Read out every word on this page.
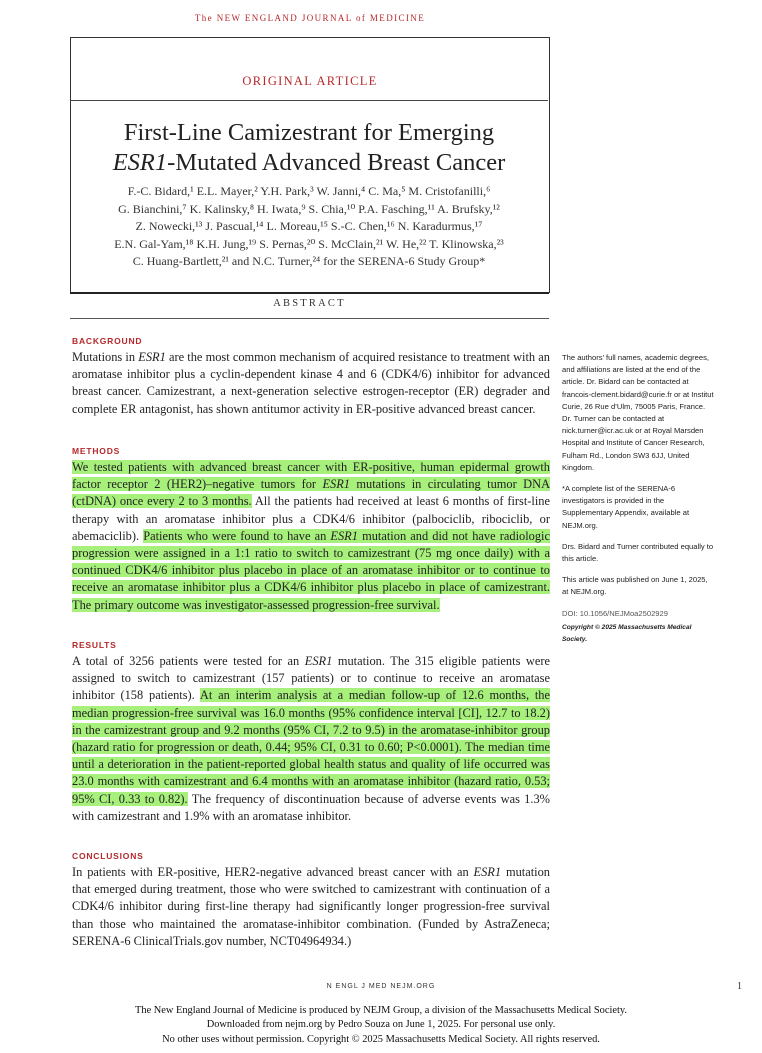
The NEW ENGLAND JOURNAL of MEDICINE
ORIGINAL ARTICLE
First-Line Camizestrant for Emerging
ESR1-Mutated Advanced Breast Cancer
F.-C. Bidard,¹ E.L. Mayer,² Y.H. Park,³ W. Janni,⁴ C. Ma,⁵ M. Cristofanilli,⁶
G. Bianchini,⁷ K. Kalinsky,⁸ H. Iwata,⁹ S. Chia,¹⁰ P.A. Fasching,¹¹ A. Brufsky,¹²
Z. Nowecki,¹³ J. Pascual,¹⁴ L. Moreau,¹⁵ S.-C. Chen,¹⁶ N. Karadurmus,¹⁷
E.N. Gal-Yam,¹⁸ K.H. Jung,¹⁹ S. Pernas,²⁰ S. McClain,²¹ W. He,²² T. Klinowska,²³
C. Huang-Bartlett,²¹ and N.C. Turner,²⁴ for the SERENA-6 Study Group*
ABSTRACT
BACKGROUND

Mutations in ESR1 are the most common mechanism of acquired resistance to treatment with an aromatase inhibitor plus a cyclin-dependent kinase 4 and 6 (CDK4/6) inhibitor for advanced breast cancer. Camizestrant, a next-generation selective estrogen-receptor (ER) degrader and complete ER antagonist, has shown antitumor activity in ER-positive advanced breast cancer.

METHODS

We tested patients with advanced breast cancer with ER-positive, human epidermal growth factor receptor 2 (HER2)–negative tumors for ESR1 mutations in circulating tumor DNA (ctDNA) once every 2 to 3 months. All the patients had received at least 6 months of first-line therapy with an aromatase inhibitor plus a CDK4/6 inhibitor (palbociclib, ribociclib, or abemaciclib). Patients who were found to have an ESR1 mutation and did not have radiologic progression were assigned in a 1:1 ratio to switch to camizestrant (75 mg once daily) with a continued CDK4/6 inhibitor plus placebo in place of an aromatase inhibitor or to continue to receive an aromatase inhibitor plus a CDK4/6 inhibitor plus placebo in place of camizestrant. The primary outcome was investigator-assessed progression-free survival.

RESULTS

A total of 3256 patients were tested for an ESR1 mutation. The 315 eligible patients were assigned to switch to camizestrant (157 patients) or to continue to receive an aromatase inhibitor (158 patients). At an interim analysis at a median follow-up of 12.6 months, the median progression-free survival was 16.0 months (95% confidence interval [CI], 12.7 to 18.2) in the camizestrant group and 9.2 months (95% CI, 7.2 to 9.5) in the aromatase-inhibitor group (hazard ratio for progression or death, 0.44; 95% CI, 0.31 to 0.60; P<0.0001). The median time until a deterioration in the patient-reported global health status and quality of life occurred was 23.0 months with camizestrant and 6.4 months with an aromatase inhibitor (hazard ratio, 0.53; 95% CI, 0.33 to 0.82). The frequency of discontinuation because of adverse events was 1.3% with camizestrant and 1.9% with an aromatase inhibitor.

CONCLUSIONS

In patients with ER-positive, HER2-negative advanced breast cancer with an ESR1 mutation that emerged during treatment, those who were switched to camizestrant with continuation of a CDK4/6 inhibitor during first-line therapy had significantly longer progression-free survival than those who maintained the aromatase-inhibitor combination. (Funded by AstraZeneca; SERENA-6 ClinicalTrials.gov number, NCT04964934.)

The authors’ full names, academic degrees, and affiliations are listed at the end of the article. Dr. Bidard can be contacted at francois-clement.bidard@curie.fr or at Institut Curie, 26 Rue d’Ulm, 75005 Paris, France. Dr. Turner can be contacted at nick.turner@icr.ac.uk or at Royal Marsden Hospital and Institute of Cancer Research, Fulham Rd., London SW3 6JJ, United Kingdom.

*A complete list of the SERENA-6 investigators is provided in the Supplementary Appendix, available at NEJM.org.

Drs. Bidard and Turner contributed equally to this article.

This article was published on June 1, 2025, at NEJM.org.

DOI: 10.1056/NEJMoa2502929

Copyright © 2025 Massachusetts Medical Society.

N ENGL J MED NEJM.ORG	1
The New England Journal of Medicine is produced by NEJM Group, a division of the Massachusetts Medical Society.
Downloaded from nejm.org by Pedro Souza on June 1, 2025. For personal use only.
No other uses without permission. Copyright © 2025 Massachusetts Medical Society. All rights reserved.
